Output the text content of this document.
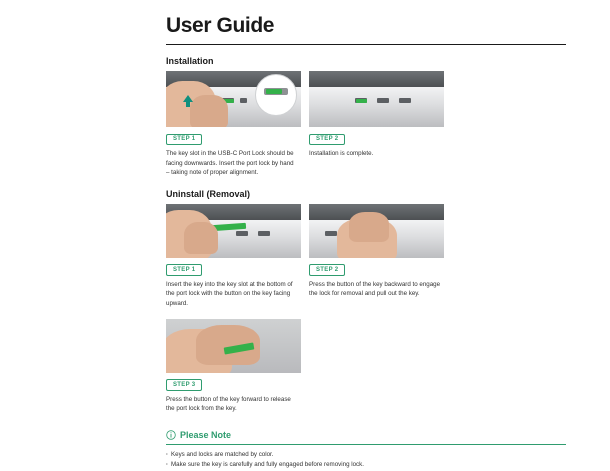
User Guide
Installation
STEP 1
The key slot in the USB-C Port Lock should be facing downwards. Insert the port lock by hand – taking note of proper alignment.
STEP 2
Installation is complete.
Uninstall (Removal)
STEP 1
Insert the key into the key slot at the bottom of the port lock with the button on the key facing upward.
STEP 2
Press the button of the key backward to engage the lock for removal and pull out the key.
STEP 3
Press the button of the key forward to release the port lock from the key.
Please Note
· Keys and locks are matched by color.
· Make sure the key is carefully and fully engaged before removing lock.
